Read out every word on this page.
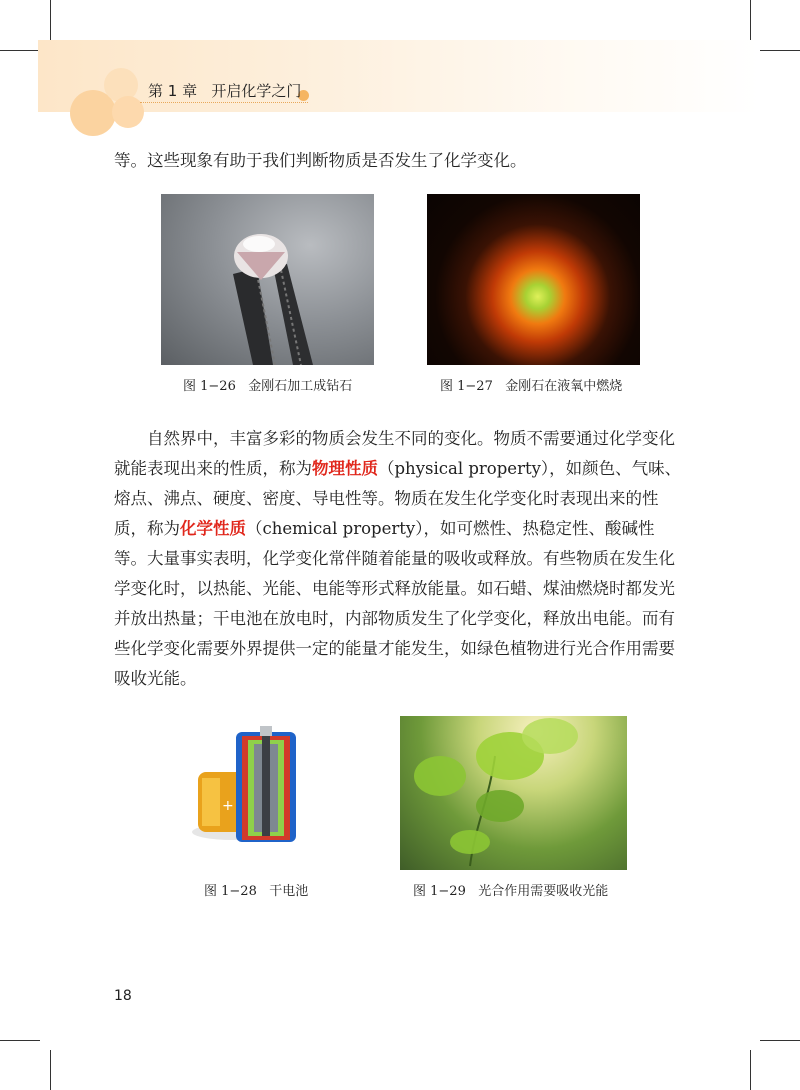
第 1 章 开启化学之门

等。这些现象有助于我们判断物质是否发生了化学变化。

图 1−26 金刚石加工成钻石	图 1−27 金刚石在液氧中燃烧

自然界中，丰富多彩的物质会发生不同的变化。物质不需要通过化学变化就能表现出来的性质，称为物理性质（physical property），如颜色、气味、熔点、沸点、硬度、密度、导电性等。物质在发生化学变化时表现出来的性质，称为化学性质（chemical property），如可燃性、热稳定性、酸碱性等。 大量事实表明，化学变化常伴随着能量的吸收或释放。有些物质在发生化学变化时，以热能、光能、电能等形式释放能量。如石蜡、煤油燃烧时都发光并放出热量；干电池在放电时，内部物质发生了化学变化，释放出电能。而有些化学变化需要外界提供一定的能量才能发生，如绿色植物进行光合作用需要吸收光能。

+
图 1−28 干电池	图 1−29 光合作用需要吸收光能
18
